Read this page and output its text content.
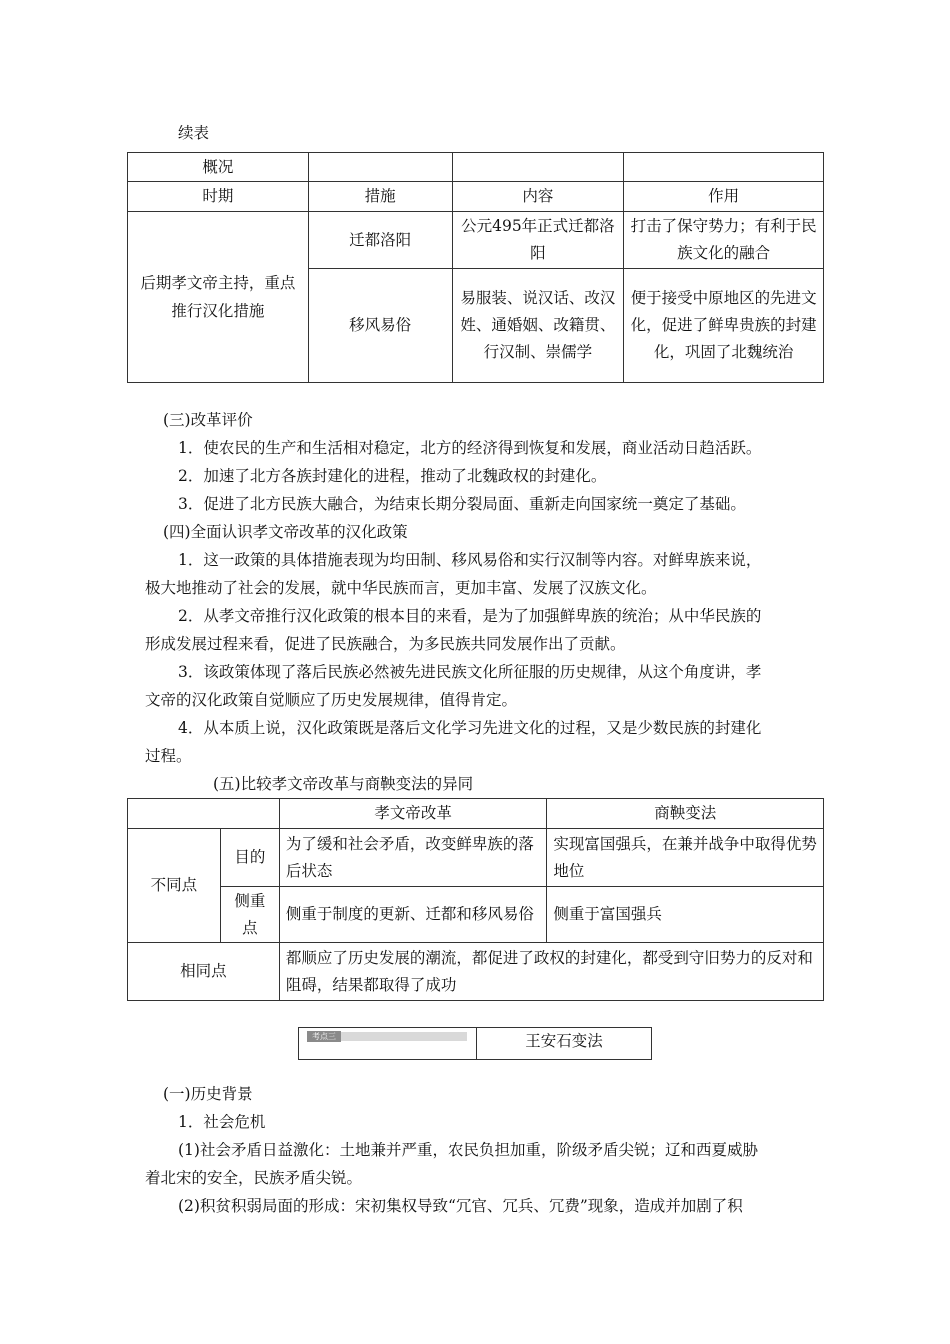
续表
概况			
时期	措施	内容	作用
后期孝文帝主持，重点推行汉化措施	迁都洛阳	公元495年正式迁都洛阳	打击了保守势力；有利于民族文化的融合
	移风易俗	易服装、说汉话、改汉姓、通婚姻、改籍贯、行汉制、崇儒学	便于接受中原地区的先进文化，促进了鲜卑贵族的封建化，巩固了北魏统治
(三)改革评价
1．使农民的生产和生活相对稳定，北方的经济得到恢复和发展，商业活动日趋活跃。
2．加速了北方各族封建化的进程，推动了北魏政权的封建化。
3．促进了北方民族大融合，为结束长期分裂局面、重新走向国家统一奠定了基础。
(四)全面认识孝文帝改革的汉化政策
1．这一政策的具体措施表现为均田制、移风易俗和实行汉制等内容。对鲜卑族来说，
极大地推动了社会的发展，就中华民族而言，更加丰富、发展了汉族文化。
2．从孝文帝推行汉化政策的根本目的来看，是为了加强鲜卑族的统治；从中华民族的
形成发展过程来看，促进了民族融合，为多民族共同发展作出了贡献。
3．该政策体现了落后民族必然被先进民族文化所征服的历史规律，从这个角度讲，孝
文帝的汉化政策自觉顺应了历史发展规律，值得肯定。
4．从本质上说，汉化政策既是落后文化学习先进文化的过程，又是少数民族的封建化
过程。
(五)比较孝文帝改革与商鞅变法的异同
		孝文帝改革	商鞅变法
不同点	目的	为了缓和社会矛盾，改变鲜卑族的落后状态	实现富国强兵，在兼并战争中取得优势地位
	侧重点	侧重于制度的更新、迁都和移风易俗	侧重于富国强兵
相同点		都顺应了历史发展的潮流，都促进了政权的封建化，都受到守旧势力的反对和阻碍，结果都取得了成功	
考点三	王安石变法
(一)历史背景
1．社会危机
(1)社会矛盾日益激化：土地兼并严重，农民负担加重，阶级矛盾尖锐；辽和西夏威胁
着北宋的安全，民族矛盾尖锐。
(2)积贫积弱局面的形成：宋初集权导致“冗官、冗兵、冗费”现象，造成并加剧了积
